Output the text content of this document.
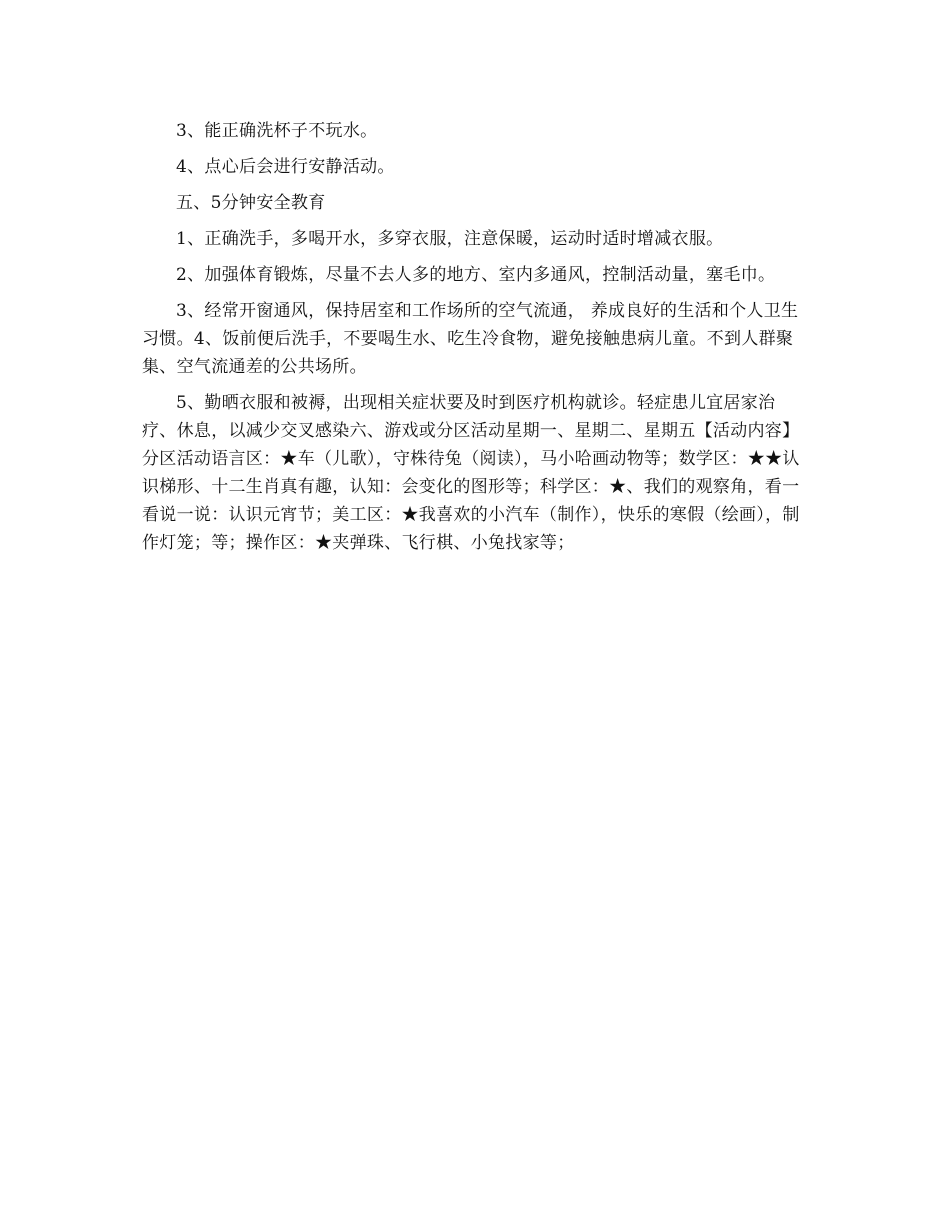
3、能正确洗杯子不玩水。

4、点心后会进行安静活动。

五、5分钟安全教育

1、正确洗手，多喝开水，多穿衣服，注意保暖，运动时适时增减衣服。

2、加强体育锻炼，尽量不去人多的地方、室内多通风，控制活动量，塞毛巾。

3、经常开窗通风，保持居室和工作场所的空气流通， 养成良好的生活和个人卫生习惯。4、饭前便后洗手，不要喝生水、吃生冷食物，避免接触患病儿童。不到人群聚集、空气流通差的公共场所。

5、勤晒衣服和被褥，出现相关症状要及时到医疗机构就诊。轻症患儿宜居家治疗、休息，以减少交叉感染六、游戏或分区活动星期一、星期二、星期五【活动内容】 分区活动语言区：★车（儿歌），守株待兔（阅读），马小哈画动物等；数学区：★★认识梯形、十二生肖真有趣，认知：会变化的图形等；科学区：★、我们的观察角，看一看说一说：认识元宵节；美工区：★我喜欢的小汽车（制作），快乐的寒假（绘画），制作灯笼；等；操作区：★夹弹珠、飞行棋、小兔找家等；
